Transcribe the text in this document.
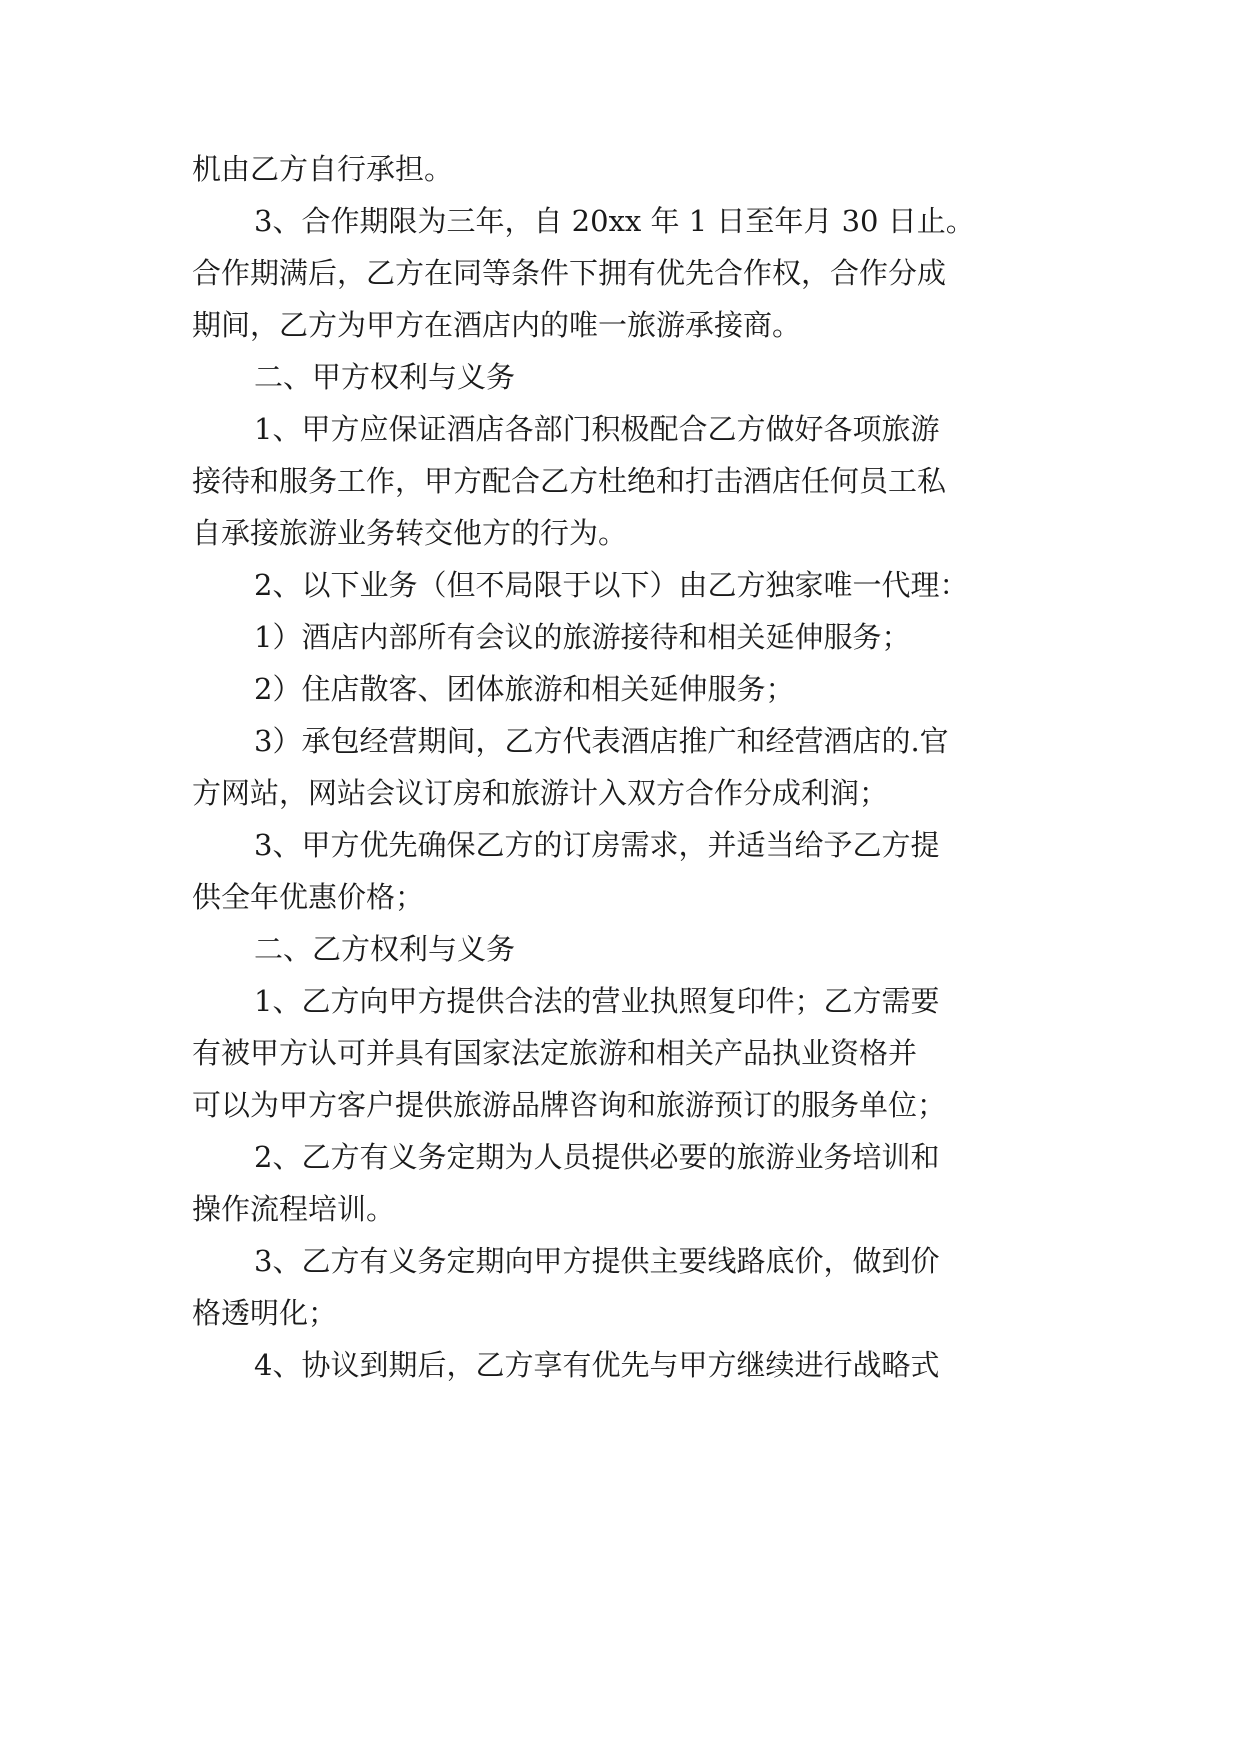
机由乙方自行承担。
3、合作期限为三年，自 20xx 年 1 日至年月 30 日止。
合作期满后，乙方在同等条件下拥有优先合作权，合作分成
期间，乙方为甲方在酒店内的唯一旅游承接商。
二、甲方权利与义务
1、甲方应保证酒店各部门积极配合乙方做好各项旅游
接待和服务工作，甲方配合乙方杜绝和打击酒店任何员工私
自承接旅游业务转交他方的行为。
2、以下业务（但不局限于以下）由乙方独家唯一代理：
1）酒店内部所有会议的旅游接待和相关延伸服务；
2）住店散客、团体旅游和相关延伸服务；
3）承包经营期间，乙方代表酒店推广和经营酒店的.官
方网站，网站会议订房和旅游计入双方合作分成利润；
3、甲方优先确保乙方的订房需求，并适当给予乙方提
供全年优惠价格；
二、乙方权利与义务
1、乙方向甲方提供合法的营业执照复印件；乙方需要
有被甲方认可并具有国家法定旅游和相关产品执业资格并
可以为甲方客户提供旅游品牌咨询和旅游预订的服务单位；
2、乙方有义务定期为人员提供必要的旅游业务培训和
操作流程培训。
3、乙方有义务定期向甲方提供主要线路底价，做到价
格透明化；
4、协议到期后，乙方享有优先与甲方继续进行战略式
